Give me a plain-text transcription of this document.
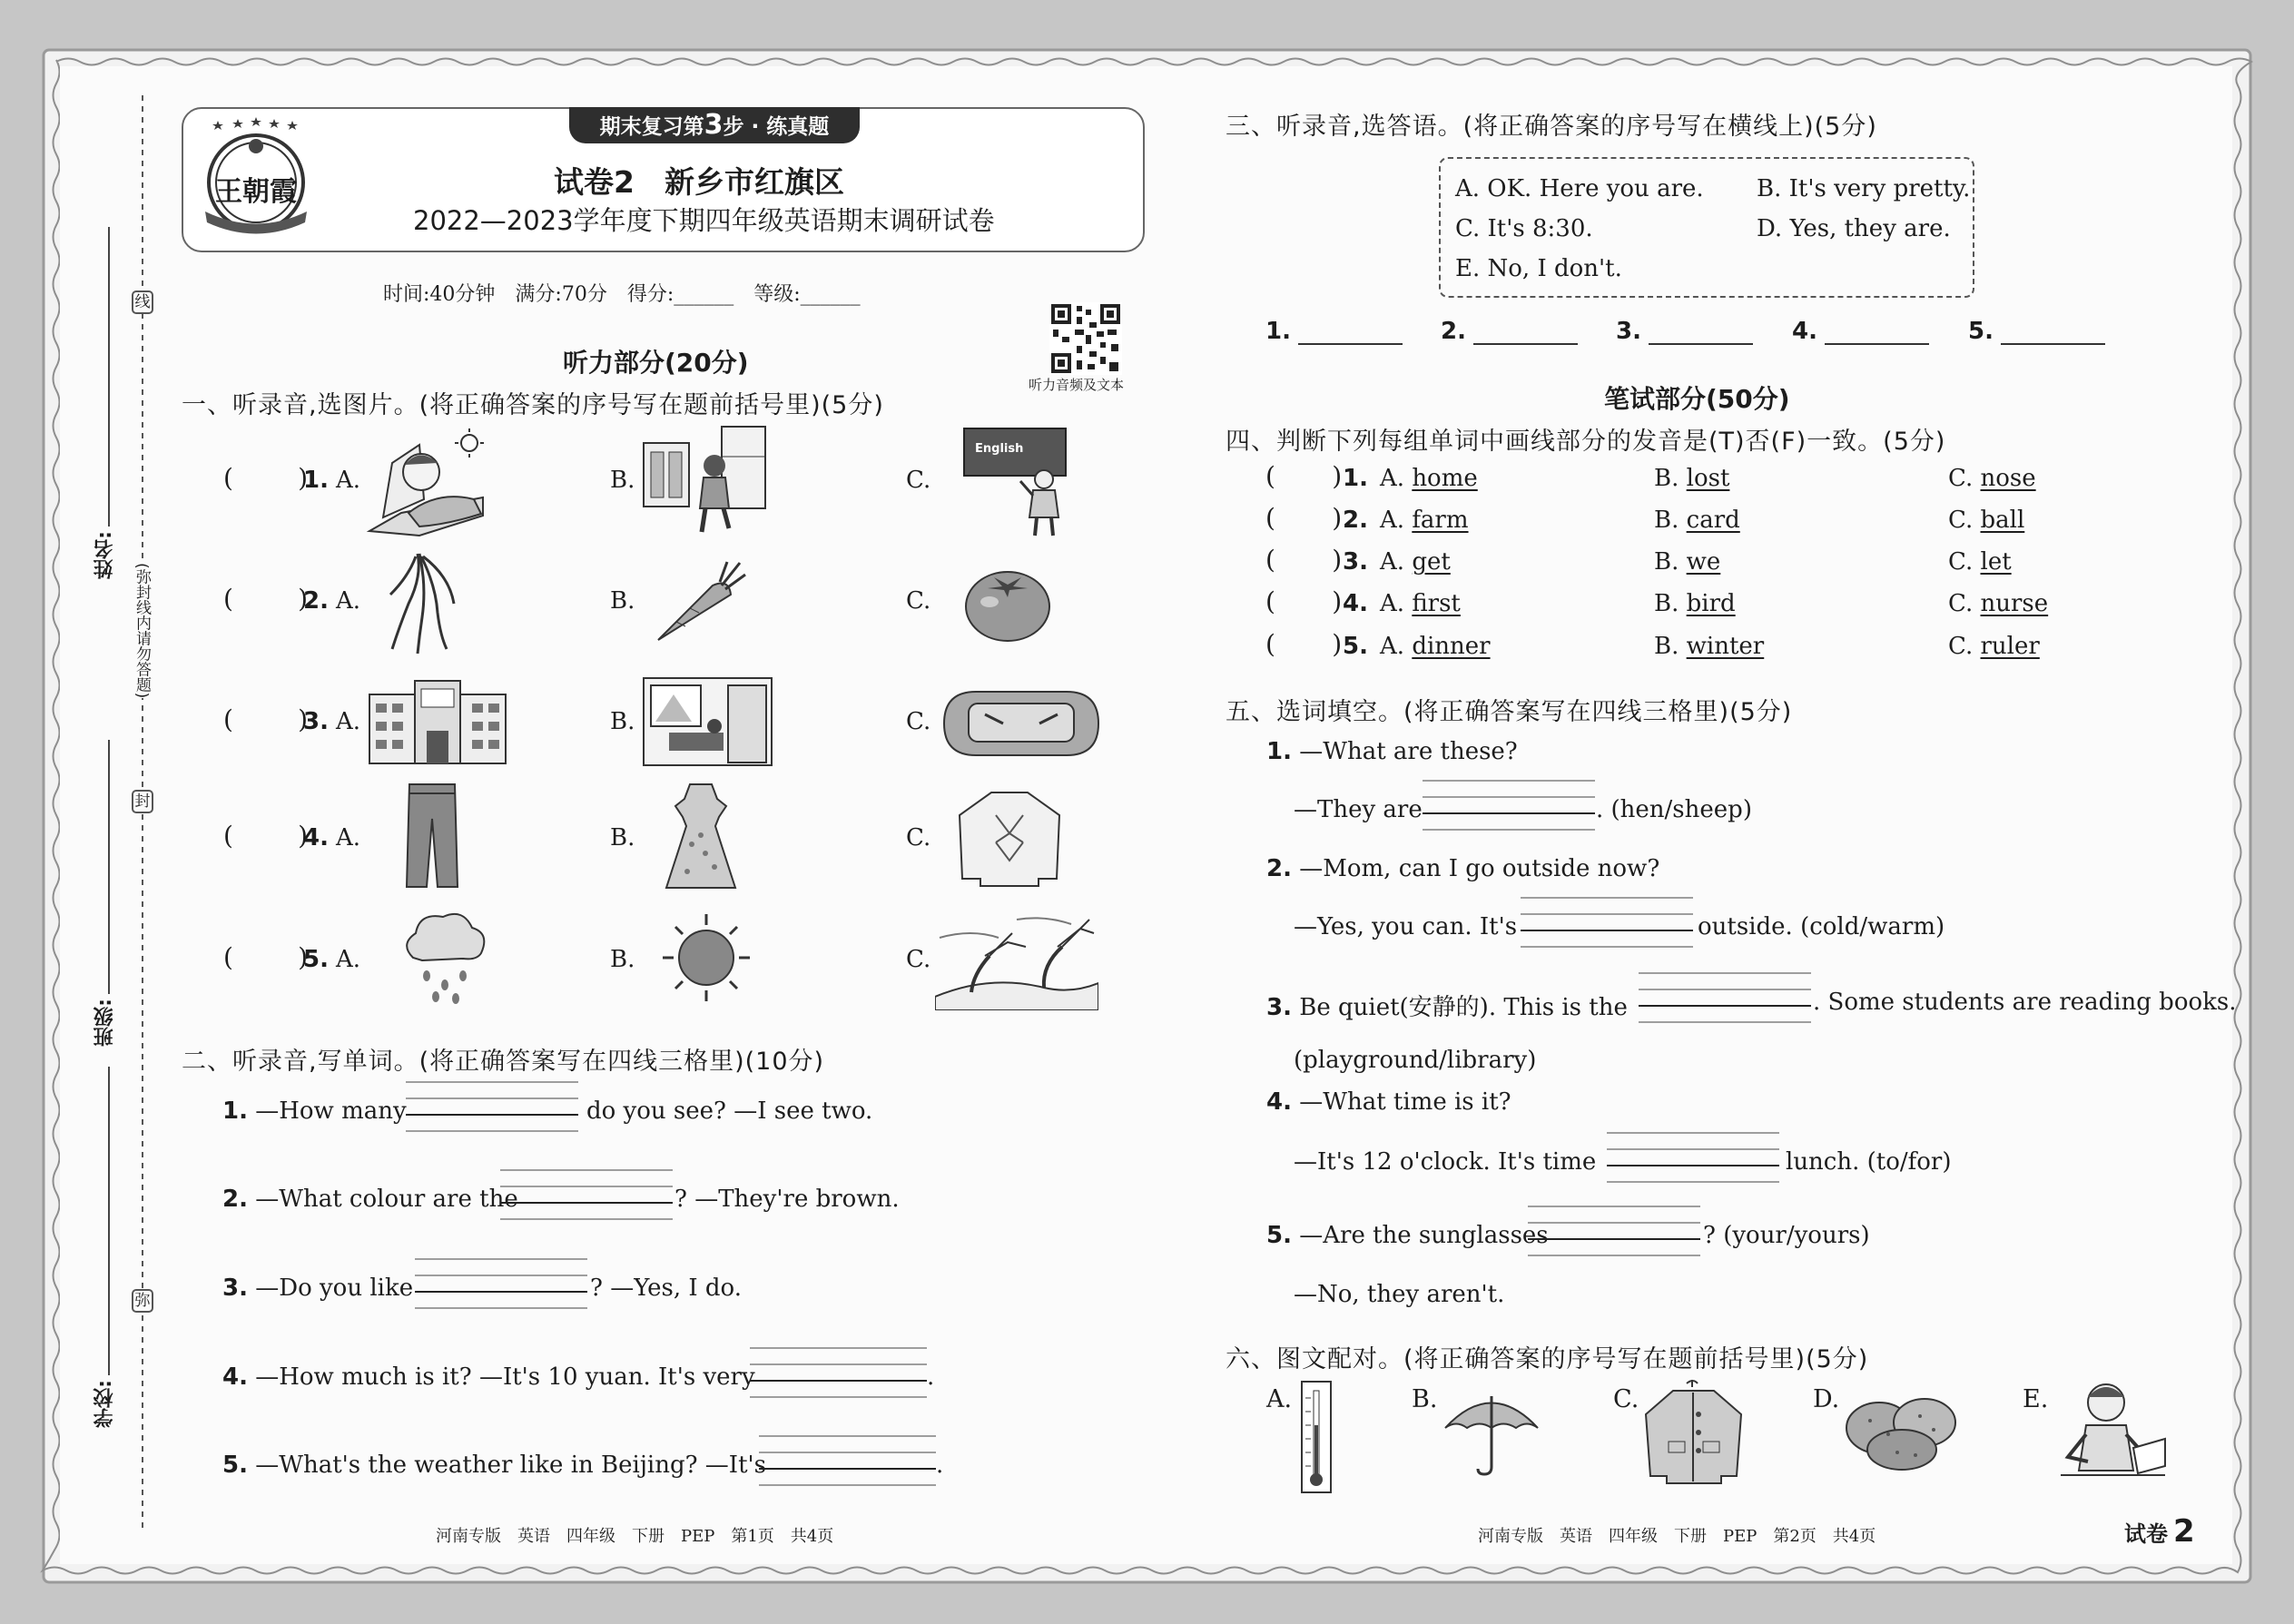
线
封
弥
(弥封线内请勿答题)
姓名:
班级:
学校:
期末复习第3步 · 练真题
王朝霞	试卷2　新乡市红旗区
2022—2023学年度下期四年级英语期末调研试卷
时间:40分钟　满分:70分　得分:______　等级:______
听力音频及文本
听力部分(20分)
一、听录音,选图片。(将正确答案的序号写在题前括号里)(5分)
(        )
1. A.	B.	C.
(        )
2. A.	B.	C.
(        )
3. A.	B.	C.
(        )
4. A.	B.	C.
(        )
5. A.	B.	C.
English
二、听录音,写单词。(将正确答案写在四线三格里)(10分)
1. —How many	do you see? —I see two.
2. —What colour are the	? —They're brown.
3. —Do you like	? —Yes, I do.
4. —How much is it? —It's 10 yuan. It's very	.
5. —What's the weather like in Beijing? —It's	.
河南专版　英语　四年级　下册　PEP　第1页　共4页	河南专版　英语　四年级　下册　PEP　第2页　共4页	试卷 2
三、听录音,选答语。(将正确答案的序号写在横线上)(5分)
A. OK. Here you are. B. It's very pretty.
C. It's 8:30.	D. Yes, they are.
E. No, I don't.
1.	2.	3.	4.	5.
笔试部分(50分)
四、判断下列每组单词中画线部分的发音是(T)否(F)一致。(5分)
(       ) 1. A. home	B. lost	C. nose
(       ) 2. A. farm	B. card	C. ball
(       ) 3. A. get	B. we	C. let
(       ) 4. A. first	B. bird	C. nurse
(       ) 5. A. dinner	B. winter	C. ruler
五、选词填空。(将正确答案写在四线三格里)(5分)
1. —What are these?
—They are	. (hen/sheep)
2. —Mom, can I go outside now?
—Yes, you can. It's	outside. (cold/warm)
3. Be quiet(安静的). This is the	. Some students are reading books.
(playground/library)
4. —What time is it?
—It's 12 o'clock. It's time	lunch. (to/for)
5. —Are the sunglasses	? (your/yours)
—No, they aren't.
六、图文配对。(将正确答案的序号写在题前括号里)(5分)
A.	B.	C.	D.	E.
